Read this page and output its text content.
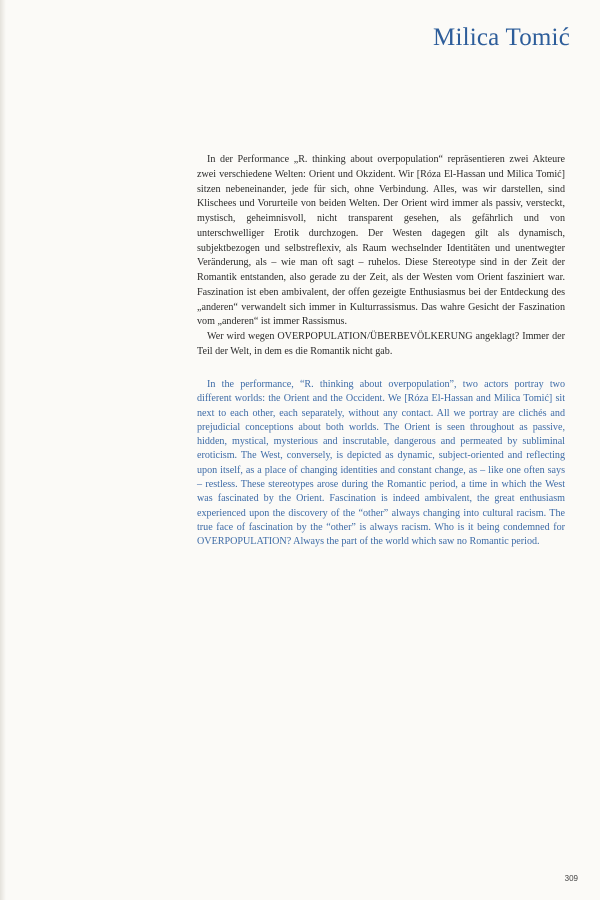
Milica Tomić

In der Performance „R. thinking about overpopulation“ repräsentieren zwei Akteure zwei verschiedene Welten: Orient und Okzident. Wir [Róza El-Hassan und Milica Tomić] sitzen nebeneinander, jede für sich, ohne Verbindung. Alles, was wir darstellen, sind Klischees und Vorurteile von beiden Welten. Der Orient wird immer als passiv, versteckt, mystisch, geheimnisvoll, nicht transparent gesehen, als gefährlich und von unterschwelliger Erotik durchzogen. Der Westen dagegen gilt als dynamisch, subjektbezogen und selbstreflexiv, als Raum wechselnder Identitäten und unentwegter Veränderung, als – wie man oft sagt – ruhelos. Diese Stereotype sind in der Zeit der Romantik entstanden, also gerade zu der Zeit, als der Westen vom Orient fasziniert war. Faszination ist eben ambivalent, der offen gezeigte Enthusiasmus bei der Entdeckung des „anderen“ verwandelt sich immer in Kulturrassismus. Das wahre Gesicht der Faszination vom „anderen“ ist immer Rassismus.

Wer wird wegen OVERPOPULATION/ÜBERBEVÖLKERUNG angeklagt? Immer der Teil der Welt, in dem es die Romantik nicht gab.

In the performance, “R. thinking about overpopulation”, two actors portray two different worlds: the Orient and the Occident. We [Róza El-Hassan and Milica Tomić] sit next to each other, each separately, without any contact. All we portray are clichés and prejudicial conceptions about both worlds. The Orient is seen throughout as passive, hidden, mystical, mysterious and inscrutable, dangerous and permeated by subliminal eroticism. The West, conversely, is depicted as dynamic, subject-oriented and reflecting upon itself, as a place of changing identities and constant change, as – like one often says – restless. These stereotypes arose during the Romantic period, a time in which the West was fascinated by the Orient. Fascination is indeed ambivalent, the great enthusiasm experienced upon the discovery of the “other” always changing into cultural racism. The true face of fascination by the “other” is always racism. Who is it being condemned for OVERPOPULATION? Always the part of the world which saw no Romantic period.

309
